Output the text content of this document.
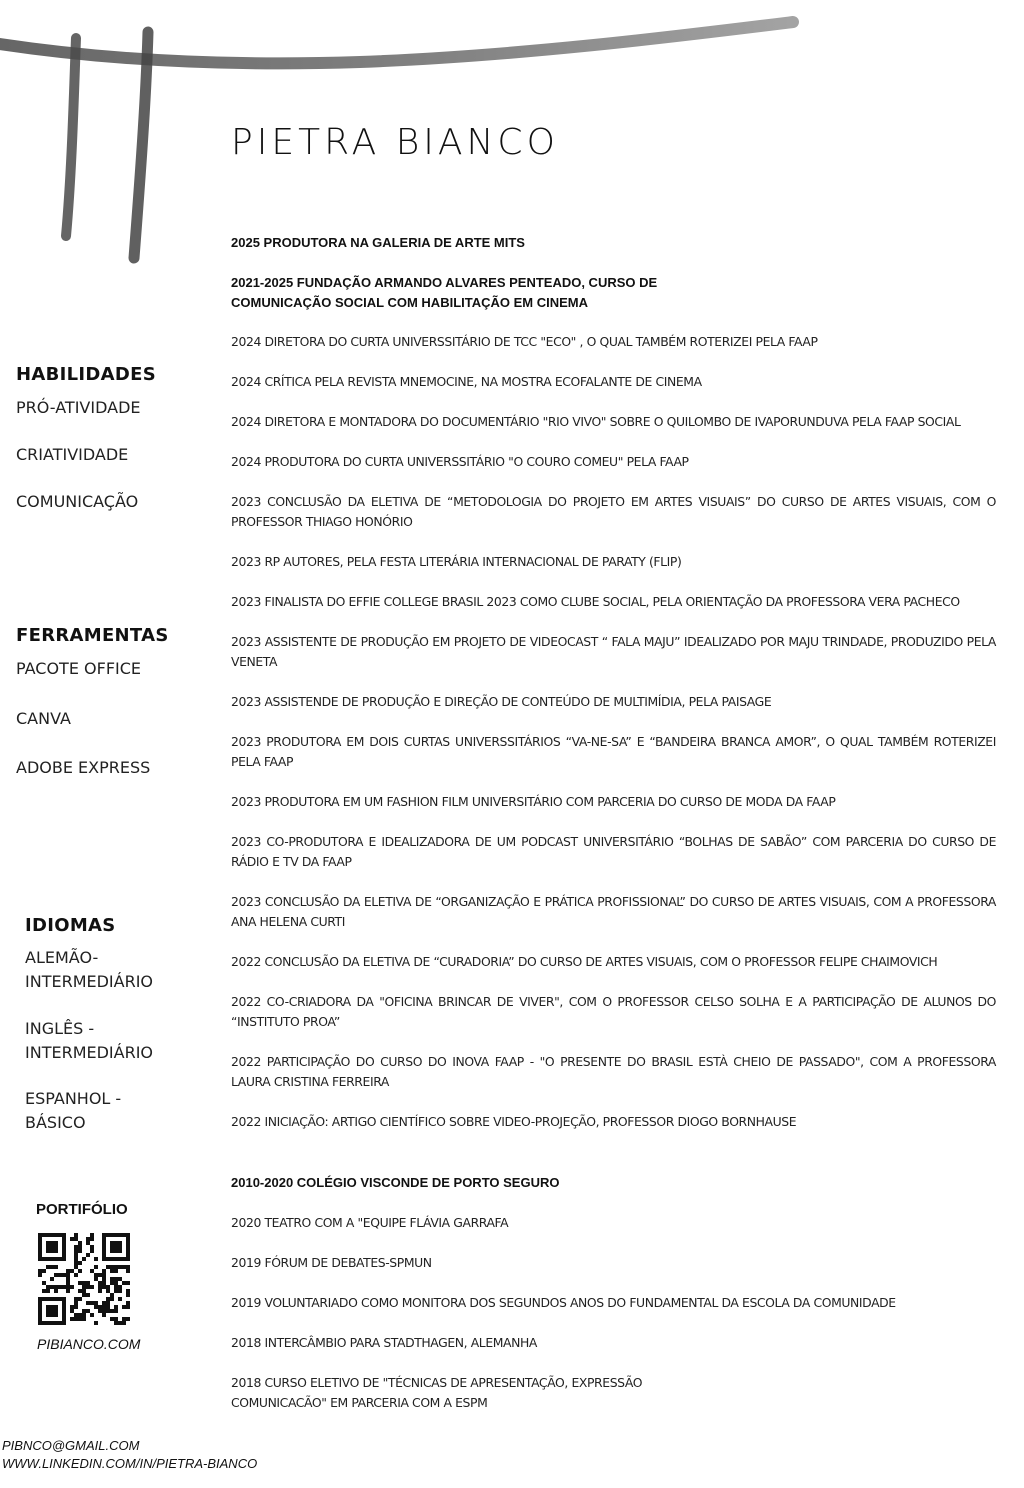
PIETRA BIANCO
2025 PRODUTORA NA GALERIA DE ARTE MITS
2021-2025 FUNDAÇÃO ARMANDO ALVARES PENTEADO, CURSO DE
COMUNICAÇÃO SOCIAL COM HABILITAÇÃO EM CINEMA
2024 DIRETORA DO CURTA UNIVERSSITÁRIO DE TCC "ECO" , O QUAL TAMBÉM ROTERIZEI PELA FAAP
2024 CRÍTICA PELA REVISTA MNEMOCINE, NA MOSTRA ECOFALANTE DE CINEMA
2024 DIRETORA E MONTADORA DO DOCUMENTÁRIO "RIO VIVO" SOBRE O QUILOMBO DE IVAPORUNDUVA PELA FAAP SOCIAL
2024 PRODUTORA DO CURTA UNIVERSSITÁRIO "O COURO COMEU" PELA FAAP
2023 CONCLUSÃO DA ELETIVA DE “METODOLOGIA DO PROJETO EM ARTES VISUAIS” DO CURSO DE ARTES VISUAIS, COM O PROFESSOR THIAGO HONÓRIO
2023 RP AUTORES, PELA FESTA LITERÁRIA INTERNACIONAL DE PARATY (FLIP)
2023 FINALISTA DO EFFIE COLLEGE BRASIL 2023 COMO CLUBE SOCIAL, PELA ORIENTAÇÃO DA PROFESSORA VERA PACHECO
2023 ASSISTENTE DE PRODUÇÃO EM PROJETO DE VIDEOCAST “ FALA MAJU” IDEALIZADO POR MAJU TRINDADE, PRODUZIDO PELA VENETA
2023 ASSISTENDE DE PRODUÇÃO E DIREÇÃO DE CONTEÚDO DE MULTIMÍDIA, PELA PAISAGE
2023 PRODUTORA EM DOIS CURTAS UNIVERSSITÁRIOS “VA-NE-SA” E “BANDEIRA BRANCA AMOR”, O QUAL TAMBÉM ROTERIZEI PELA FAAP
2023 PRODUTORA EM UM FASHION FILM UNIVERSITÁRIO COM PARCERIA DO CURSO DE MODA DA FAAP
2023 CO-PRODUTORA E IDEALIZADORA DE UM PODCAST UNIVERSITÁRIO “BOLHAS DE SABÃO” COM PARCERIA DO CURSO DE RÁDIO E TV DA FAAP
2023 CONCLUSÃO DA ELETIVA DE “ORGANIZAÇÃO E PRÁTICA PROFISSIONAL” DO CURSO DE ARTES VISUAIS, COM A PROFESSORA ANA HELENA CURTI
2022 CONCLUSÃO DA ELETIVA DE “CURADORIA” DO CURSO DE ARTES VISUAIS, COM O PROFESSOR FELIPE CHAIMOVICH
2022 CO-CRIADORA DA "OFICINA BRINCAR DE VIVER", COM O PROFESSOR CELSO SOLHA E A PARTICIPAÇÃO DE ALUNOS DO “INSTITUTO PROA”
2022 PARTICIPAÇÃO DO CURSO DO INOVA FAAP - "O PRESENTE DO BRASIL ESTÀ CHEIO DE PASSADO", COM A PROFESSORA LAURA CRISTINA FERREIRA
2022 INICIAÇÃO: ARTIGO CIENTÍFICO SOBRE VIDEO-PROJEÇÃO, PROFESSOR DIOGO BORNHAUSE
2010-2020 COLÉGIO VISCONDE DE PORTO SEGURO
2020 TEATRO COM A "EQUIPE FLÁVIA GARRAFA
2019 FÓRUM DE DEBATES-SPMUN
2019 VOLUNTARIADO COMO MONITORA DOS SEGUNDOS ANOS DO FUNDAMENTAL DA ESCOLA DA COMUNIDADE
2018 INTERCÂMBIO PARA STADTHAGEN, ALEMANHA
2018 CURSO ELETIVO DE "TÉCNICAS DE APRESENTAÇÃO, EXPRESSÃO
COMUNICACÃO" EM PARCERIA COM A ESPM
HABILIDADES
PRÓ-ATIVIDADE
CRIATIVIDADE
COMUNICAÇÃO
FERRAMENTAS
PACOTE OFFICE
CANVA
ADOBE EXPRESS
IDIOMAS
ALEMÃO-
INTERMEDIÁRIO
INGLÊS -
INTERMEDIÁRIO
ESPANHOL -
BÁSICO
PORTIFÓLIO
PIBIANCO.COM
PIBNCO@GMAIL.COM
WWW.LINKEDIN.COM/IN/PIETRA-BIANCO
